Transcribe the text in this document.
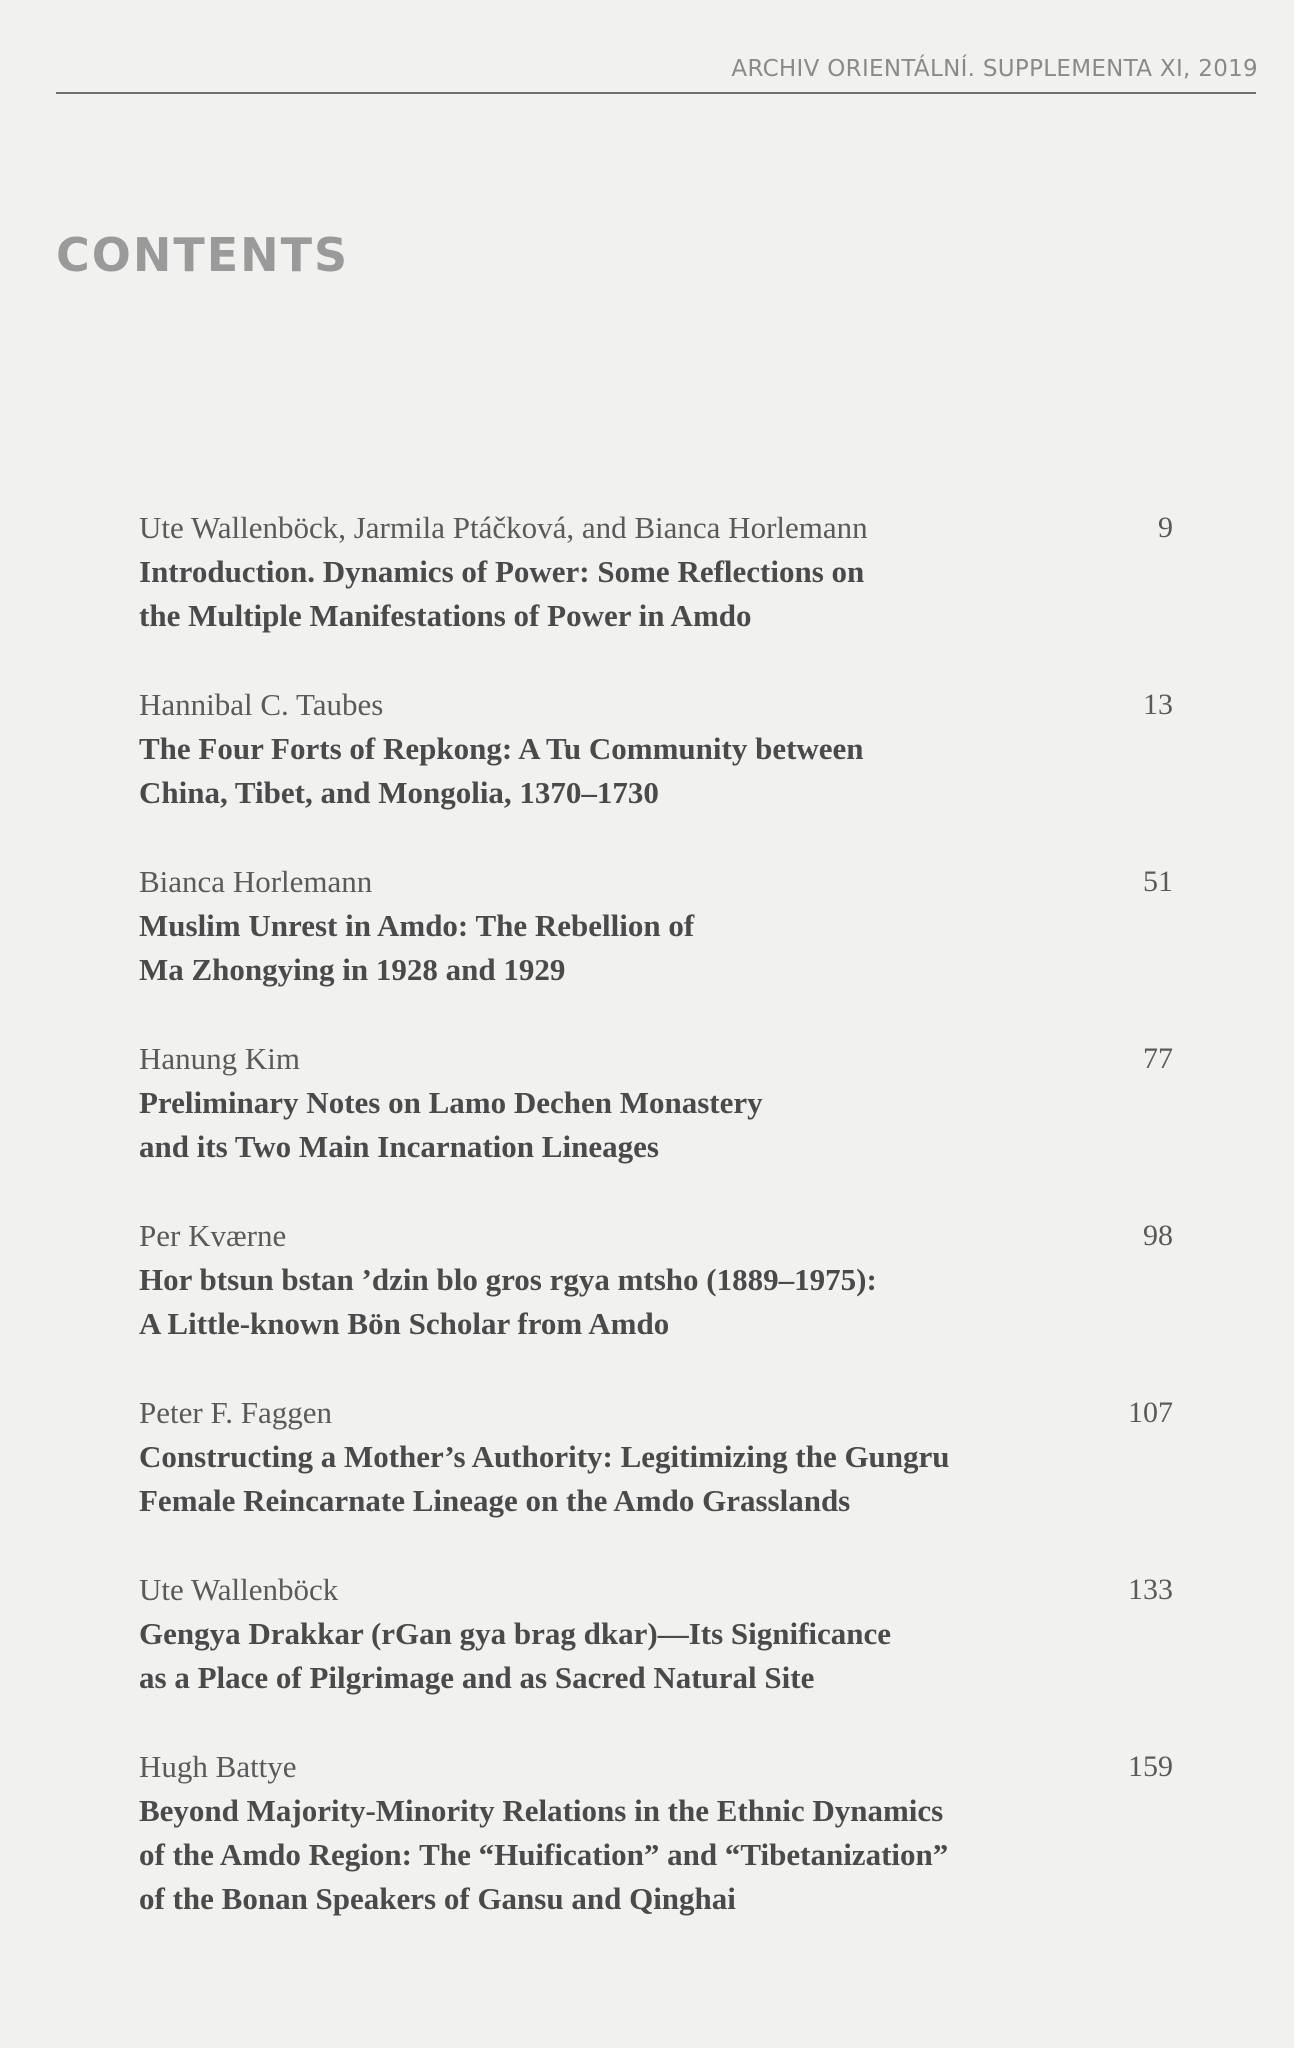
ARCHIV ORIENTÁLNÍ. SUPPLEMENTA XI, 2019
CONTENTS
Ute Wallenböck, Jarmila Ptáčková, and Bianca Horlemann	9
Introduction. Dynamics of Power: Some Reflections on
the Multiple Manifestations of Power in Amdo
Hannibal C. Taubes	13
The Four Forts of Repkong: A Tu Community between
China, Tibet, and Mongolia, 1370–1730
Bianca Horlemann	51
Muslim Unrest in Amdo: The Rebellion of
Ma Zhongying in 1928 and 1929
Hanung Kim	77
Preliminary Notes on Lamo Dechen Monastery
and its Two Main Incarnation Lineages
Per Kværne	98
Hor btsun bstan ’dzin blo gros rgya mtsho (1889–1975):
A Little-known Bön Scholar from Amdo
Peter F. Faggen	107
Constructing a Mother’s Authority: Legitimizing the Gungru
Female Reincarnate Lineage on the Amdo Grasslands
Ute Wallenböck	133
Gengya Drakkar (rGan gya brag dkar)—Its Significance
as a Place of Pilgrimage and as Sacred Natural Site
Hugh Battye	159
Beyond Majority-Minority Relations in the Ethnic Dynamics
of the Amdo Region: The “Huification” and “Tibetanization”
of the Bonan Speakers of Gansu and Qinghai
